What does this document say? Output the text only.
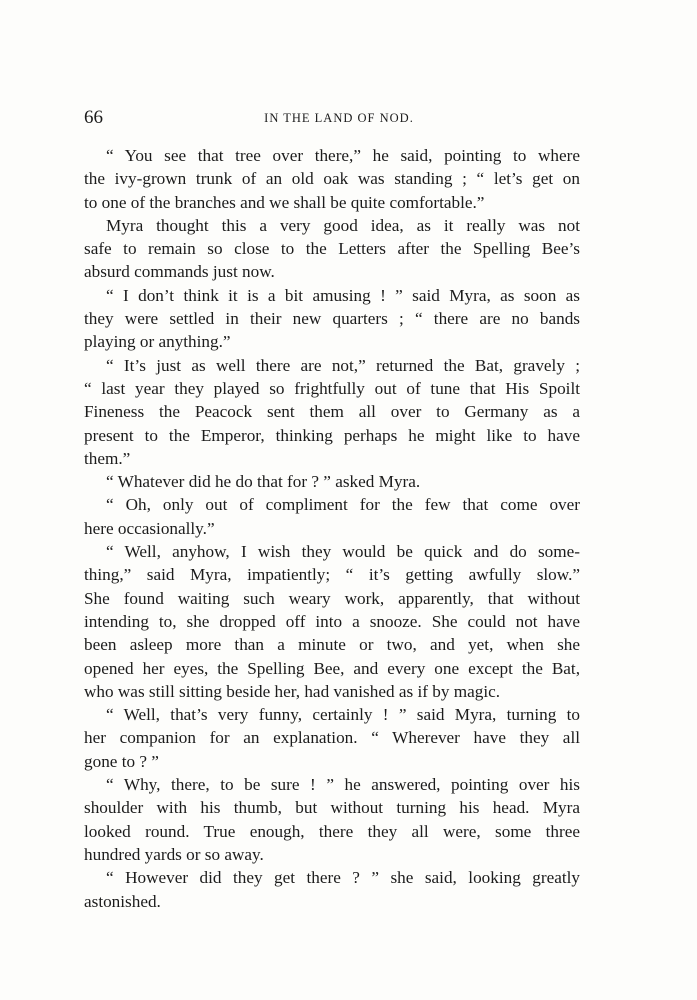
66	IN THE LAND OF NOD.
“ You see that tree over there,” he said, pointing to where
the ivy-grown trunk of an old oak was standing ; “ let’s get on
to one of the branches and we shall be quite comfortable.”
Myra thought this a very good idea, as it really was not
safe to remain so close to the Letters after the Spelling Bee’s
absurd commands just now.
“ I don’t think it is a bit amusing ! ” said Myra, as soon as
they were settled in their new quarters ; “ there are no bands
playing or anything.”
“ It’s just as well there are not,” returned the Bat, gravely ;
“ last year they played so frightfully out of tune that His Spoilt
Fineness the Peacock sent them all over to Germany as a
present to the Emperor, thinking perhaps he might like to have
them.”
“ Whatever did he do that for ? ” asked Myra.
“ Oh, only out of compliment for the few that come over
here occasionally.”
“ Well, anyhow, I wish they would be quick and do some-
thing,” said Myra, impatiently; “ it’s getting awfully slow.”
She found waiting such weary work, apparently, that without
intending to, she dropped off into a snooze. She could not have
been asleep more than a minute or two, and yet, when she
opened her eyes, the Spelling Bee, and every one except the Bat,
who was still sitting beside her, had vanished as if by magic.
“ Well, that’s very funny, certainly ! ” said Myra, turning to
her companion for an explanation. “ Wherever have they all
gone to ? ”
“ Why, there, to be sure ! ” he answered, pointing over his
shoulder with his thumb, but without turning his head. Myra
looked round. True enough, there they all were, some three
hundred yards or so away.
“ However did they get there ? ” she said, looking greatly
astonished.
